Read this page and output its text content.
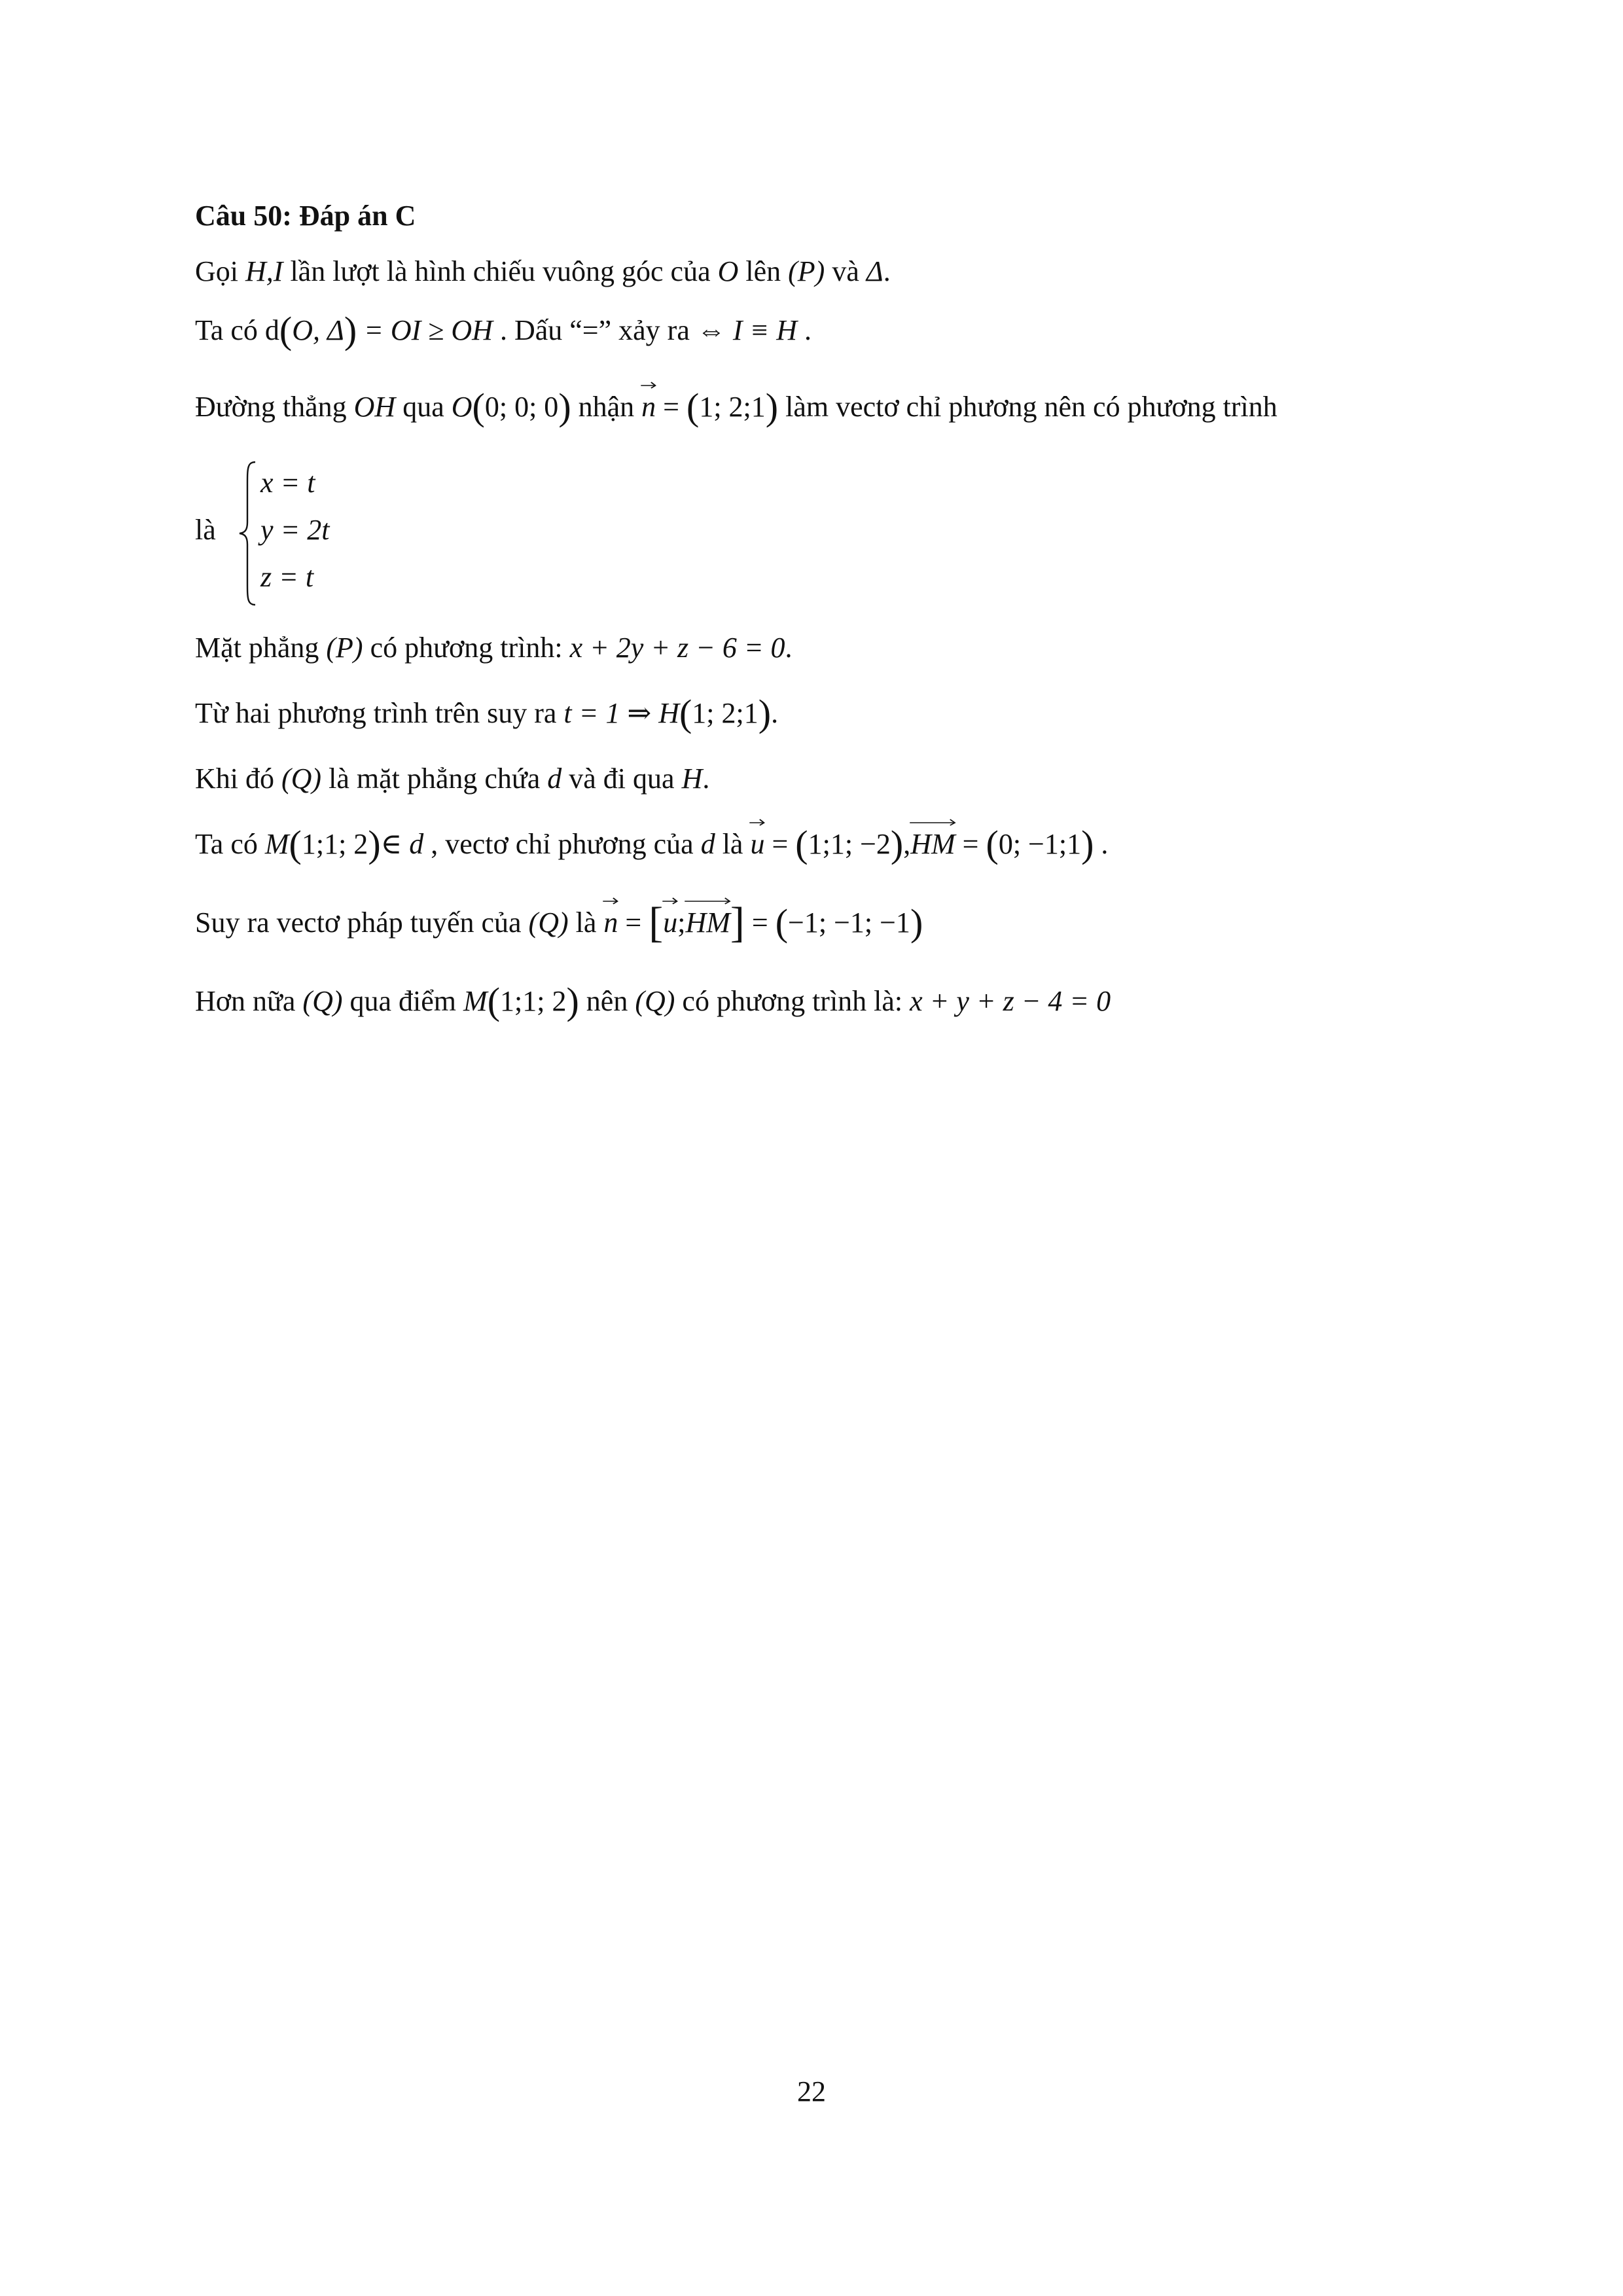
Câu 50: Đáp án C
Gọi H,I lần lượt là hình chiếu vuông góc của O lên (P) và Δ.
Ta có d(O, Δ) = OI ≥ OH . Dấu “=” xảy ra ⇔ I ≡ H .
Đường thẳng OH qua O(0; 0; 0) nhận
n = (1; 2;1) làm vectơ chỉ phương nên có phương trình
là
x = t
y = 2t
z = t
Mặt phẳng (P) có phương trình: x + 2y + z − 6 = 0.
Từ hai phương trình trên suy ra t = 1 ⇒ H(1; 2;1).
Khi đó (Q) là mặt phẳng chứa d và đi qua H.
Ta có M(1;1; 2)∈ d , vectơ chỉ phương của d là
u = (1;1; −2),
HM = (0; −1;1) .
Suy ra vectơ pháp tuyến của (Q) là
n = [
u;
HM] = (−1; −1; −1)
Hơn nữa (Q) qua điểm M(1;1; 2) nên (Q) có phương trình là: x + y + z − 4 = 0
22
